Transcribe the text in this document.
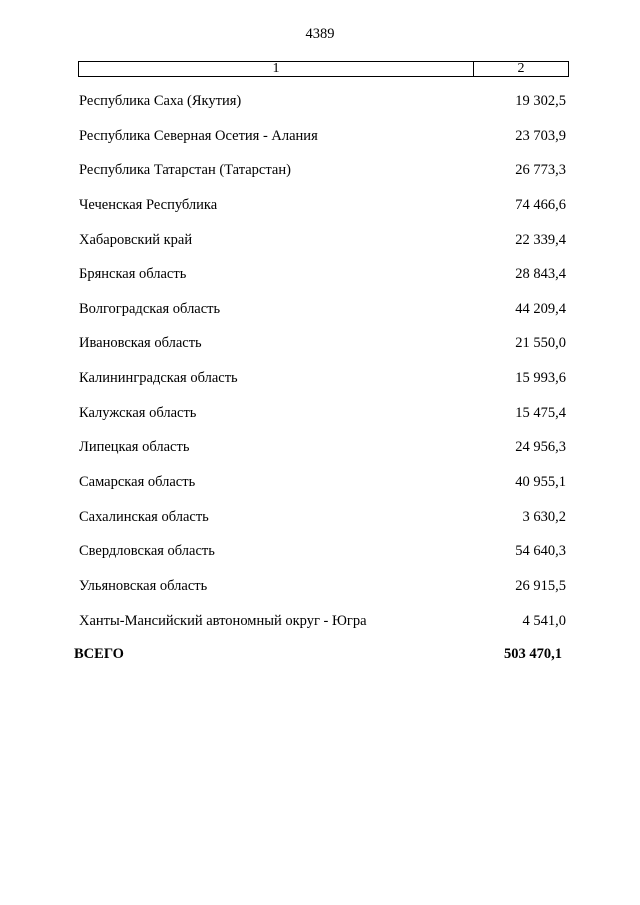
4389
1	2
Республика Саха (Якутия)	19 302,5
Республика Северная Осетия - Алания	23 703,9
Республика Татарстан (Татарстан)	26 773,3
Чеченская Республика	74 466,6
Хабаровский край	22 339,4
Брянская область	28 843,4
Волгоградская область	44 209,4
Ивановская область	21 550,0
Калининградская область	15 993,6
Калужская область	15 475,4
Липецкая область	24 956,3
Самарская область	40 955,1
Сахалинская область	3 630,2
Свердловская область	54 640,3
Ульяновская область	26 915,5
Ханты-Мансийский автономный округ - Югра	4 541,0
ВСЕГО	503 470,1
